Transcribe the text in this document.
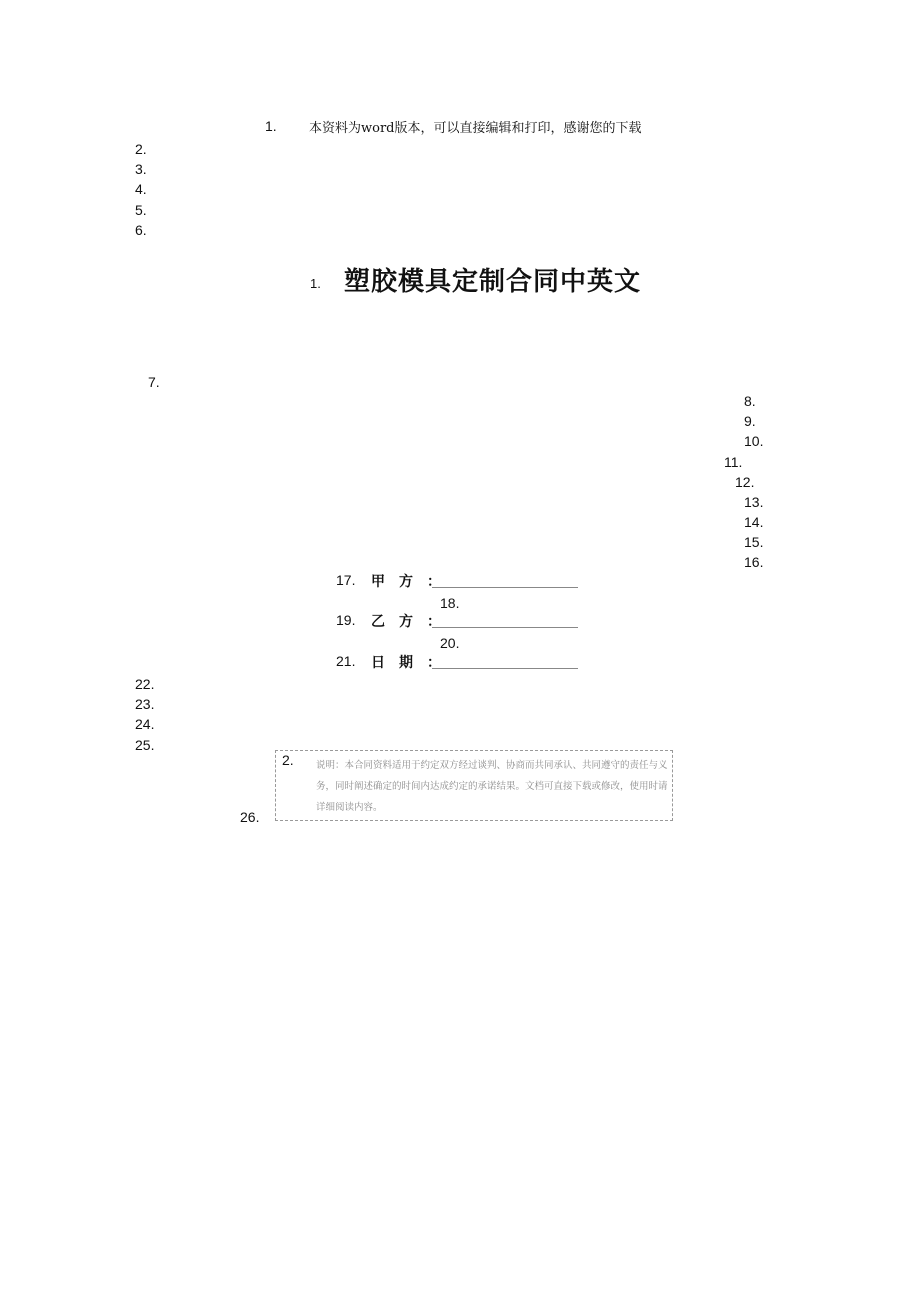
1. 本资料为word版本，可以直接编辑和打印，感谢您的下载
2.
3.
4.
5.
6.
1. 塑胶模具定制合同中英文
7.
8.
9.
10.
11.
12.
13.
14.
15.
16.
17. 甲方：
18.
19. 乙方：
20.
21. 日期：
22.
23.
24.
25.
26.
2. 说明：本合同资料适用于约定双方经过谈判、协商而共同承认、共同遵守的责任与义务，同时阐述确定的时间内达成约定的承诺结果。文档可直接下载或修改，使用时请详细阅读内容。
